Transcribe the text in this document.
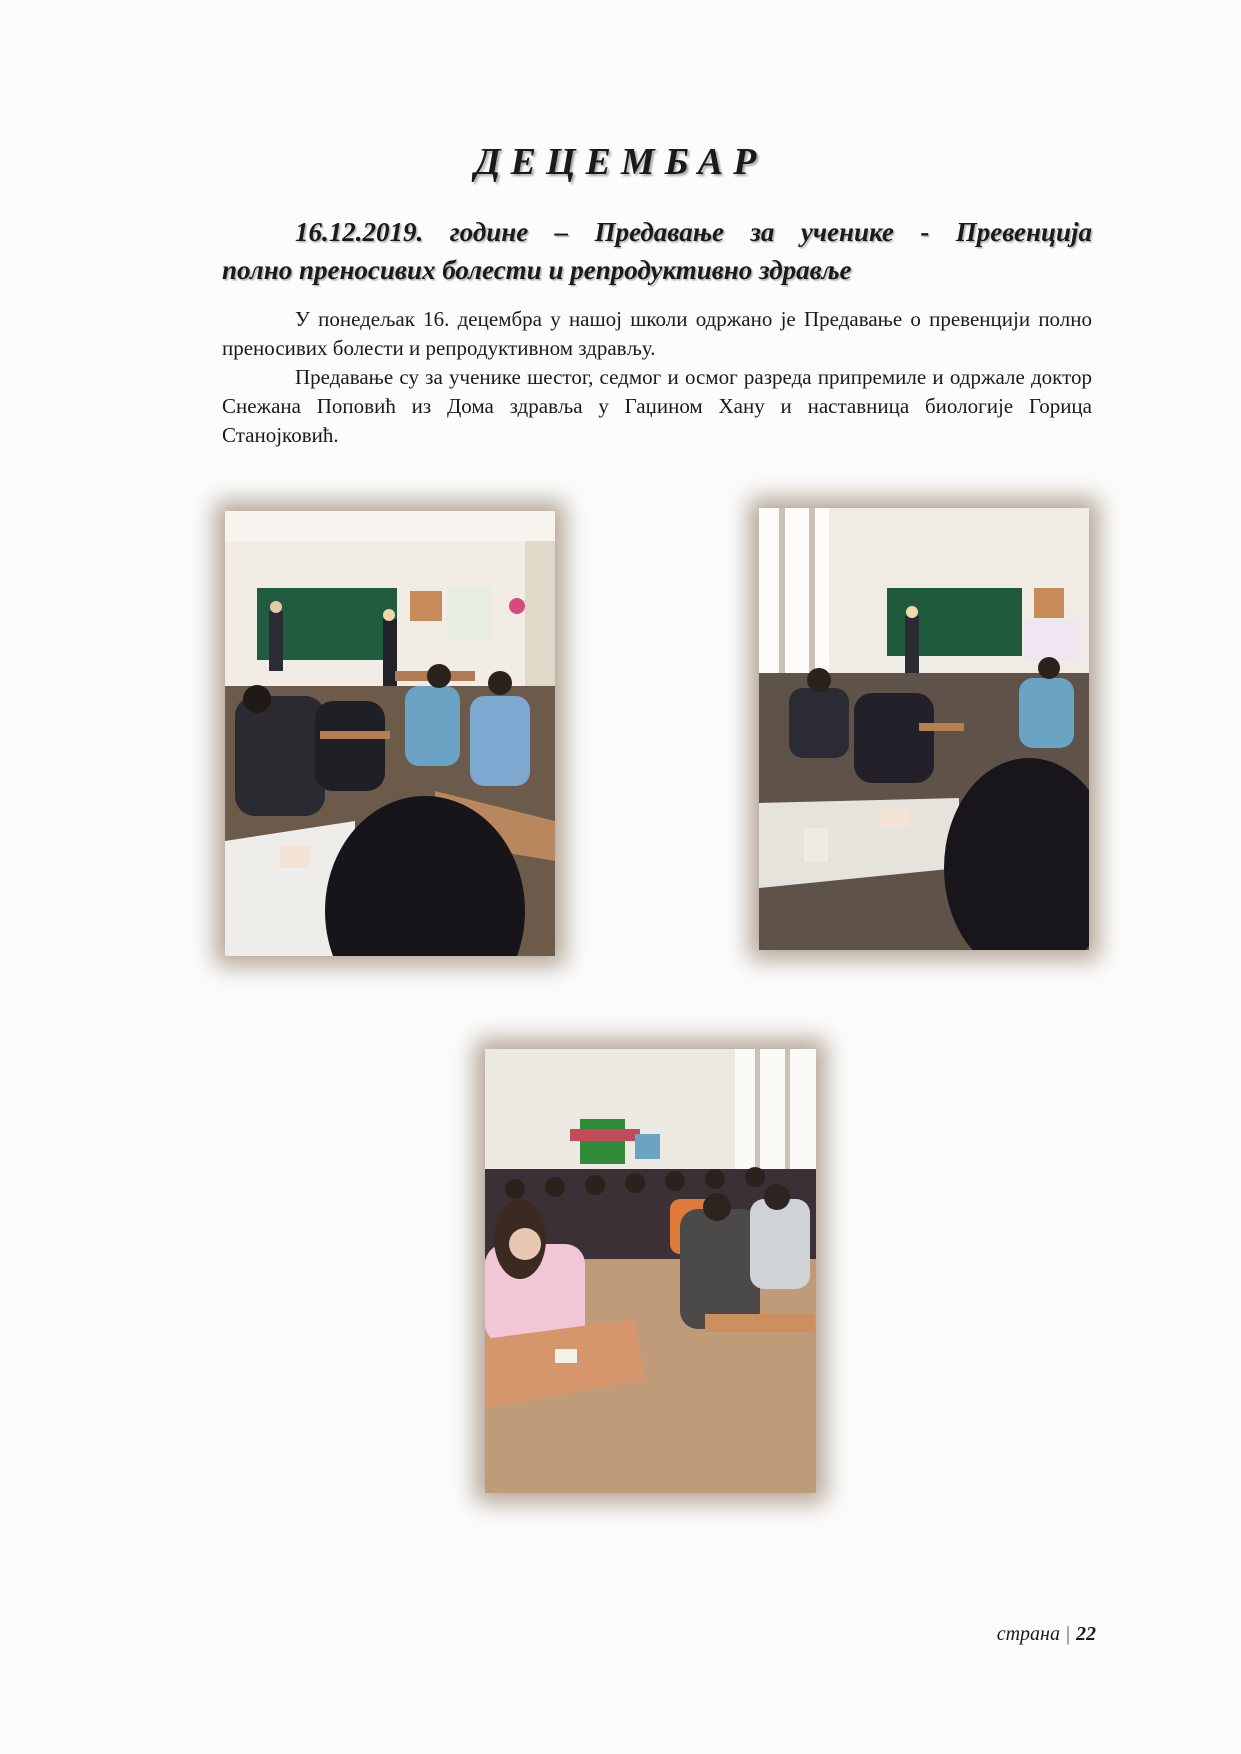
ДЕЦЕМБАР
16.12.2019. године – Предавање за ученике - Превенција
полно преносивих болести и репродуктивно здравље

У понедељак 16. децембра у нашој школи одржано је Предавање о превенцији полно преносивих болести и репродуктивном здрављу.

Предавање су за ученике шестог, седмог и осмог разреда припремиле и одржале доктор Снежана Поповић из Дома здравља у Гаџином Хану и наставница биологије Горица Станојковић.

страна | 22
